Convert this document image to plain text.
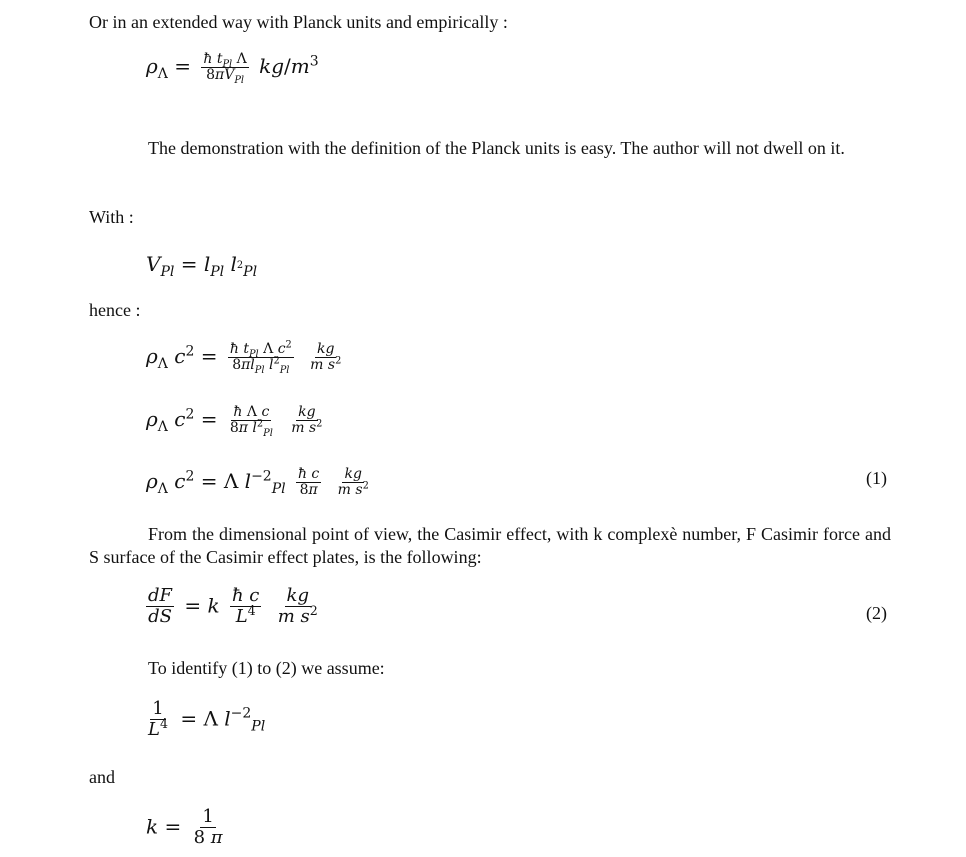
Or in an extended way with Planck units and empirically :
$\rho_\Lambda = \frac{ħ t_{Pl} \Lambda}{8\pi V_{Pl}} kg/m^3$
The demonstration with the definition of the Planck units is easy. The author will not dwell on it.
With :
$V_{Pl} = l_{Pl}$ $l_{^2Pl}$
hence :
$\rho_\Lambda$ $c^2 = \frac{ħ t_{Pl} \Lambda c^2}{8\pi l_{Pl} l^2_{Pl}}$
$\frac{kg}{m s^2}$
$\rho_\Lambda$ $c^2 = \frac{\text{ħ Λ c}}{8\pi l^2_{Pl}}$
$\frac{kg}{m s^2}$
$\rho_\Lambda$ $c^2 = \Lambda$ $l^{-2}_{Pl} \frac{\text{ħ c}}{8\pi}$
$\frac{kg}{m s^2}$	(1)
From the dimensional point of view, the Casimir effect, with k complexè number, F Casimir force and S surface of the Casimir effect plates, is the following:
$\frac{dF}{dS} = k \frac{\text{ħ c}}{L^4}$
$\frac{kg}{m s^2}$	(2)
To identify (1) to (2) we assume:
$\frac{1}{L^4} = \Lambda$ $l^{-2}_{Pl}$
and
$k = \frac{1}{8 \pi}$
